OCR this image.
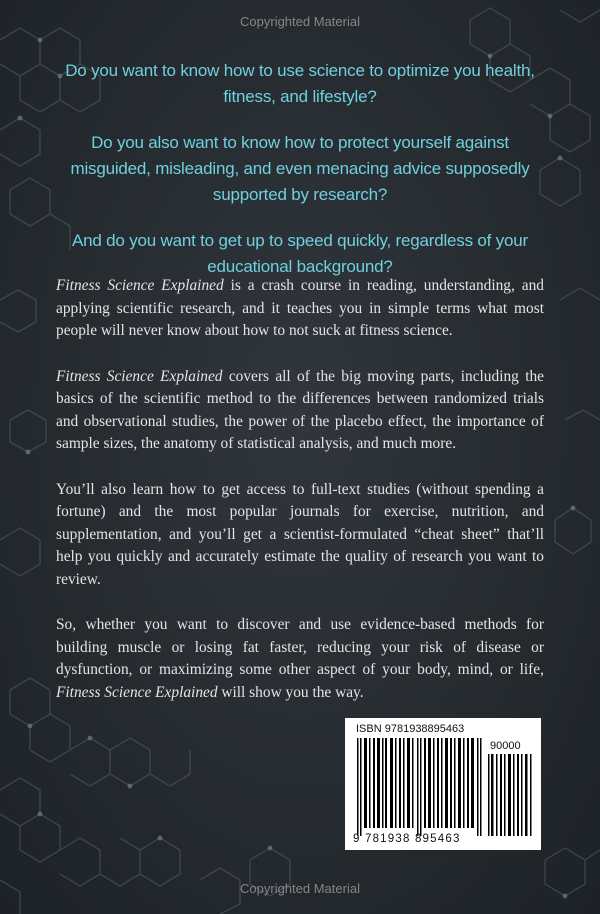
Copyrighted Material

Do you want to know how to use science to optimize you health, fitness, and lifestyle?

Do you also want to know how to protect yourself against misguided, misleading, and even menacing advice supposedly supported by research?

And do you want to get up to speed quickly, regardless of your educational background?

Fitness Science Explained is a crash course in reading, understanding, and applying scientific research, and it teaches you in simple terms what most people will never know about how to not suck at fitness science.

Fitness Science Explained covers all of the big moving parts, including the basics of the scientific method to the differences between randomized trials and observational studies, the power of the placebo effect, the importance of sample sizes, the anatomy of statistical analysis, and much more.

You’ll also learn how to get access to full-text studies (without spending a fortune) and the most popular journals for exercise, nutrition, and supplementation, and you’ll get a scientist-formulated “cheat sheet” that’ll help you quickly and accurately estimate the quality of research you want to review.

So, whether you want to discover and use evidence-based methods for building muscle or losing fat faster, reducing your risk of disease or dysfunction, or maximizing some other aspect of your body, mind, or life, Fitness Science Explained will show you the way.

ISBN 9781938895463
90000
9 781938 895463
Copyrighted Material
